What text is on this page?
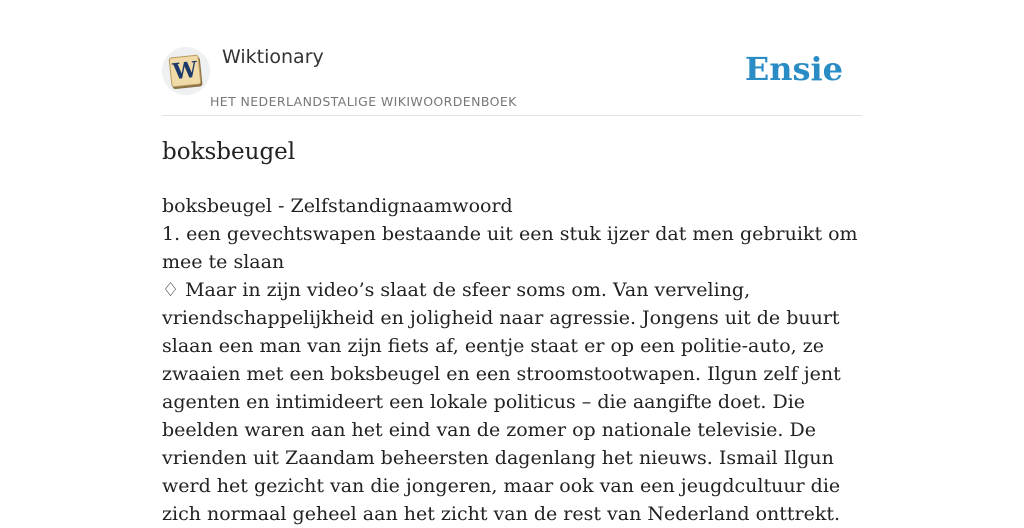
W Wiktionary
HET NEDERLANDSTALIGE WIKIWOORDENBOEK
Ensie
boksbeugel

boksbeugel - Zelfstandignaamwoord

1. een gevechtswapen bestaande uit een stuk ijzer dat men gebruikt om mee te slaan

♢ Maar in zijn video’s slaat de sfeer soms om. Van verveling, vriendschappelijkheid en joligheid naar agressie. Jongens uit de buurt slaan een man van zijn fiets af, eentje staat er op een politie-auto, ze zwaaien met een boksbeugel en een stroomstootwapen. Ilgun zelf jent agenten en intimideert een lokale politicus – die aangifte doet. Die beelden waren aan het eind van de zomer op nationale televisie. De vrienden uit Zaandam beheersten dagenlang het nieuws. Ismail Ilgun werd het gezicht van die jongeren, maar ook van een jeugdcultuur die zich normaal geheel aan het zicht van de rest van Nederland onttrekt.
